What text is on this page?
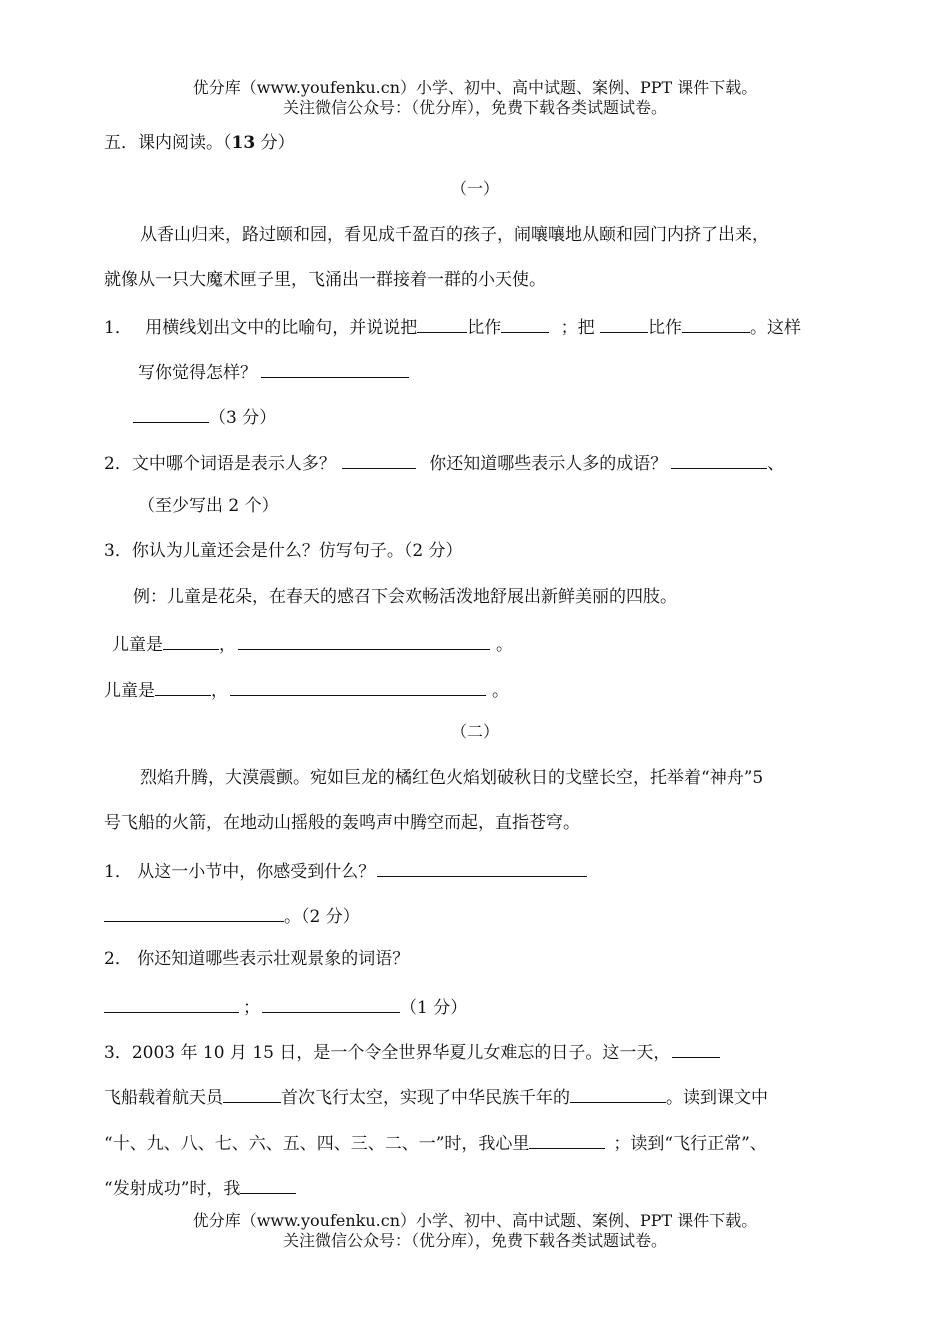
优分库（www.youfenku.cn）小学、初中、高中试题、案例、PPT 课件下载。
关注微信公众号：（优分库），免费下载各类试题试卷。
五．课内阅读。（13 分）
（一）
从香山归来，路过颐和园，看见成千盈百的孩子，闹嚷嚷地从颐和园门内挤了出来，
就像从一只大魔术匣子里，飞涌出一群接着一群的小天使。
1． 用横线划出文中的比喻句，并说说把	比作	；把	比作	。这样
写你觉得怎样？
（3 分）
2．文中哪个词语是表示人多？	你还知道哪些表示人多的成语？	、
（至少写出 2 个）
3．你认为儿童还会是什么？仿写句子。（2 分）
例：儿童是花朵，在春天的感召下会欢畅活泼地舒展出新鲜美丽的四肢。
儿童是	，	。
儿童是	，	。
（二）
烈焰升腾，大漠震颤。宛如巨龙的橘红色火焰划破秋日的戈壁长空，托举着“神舟”5
号飞船的火箭，在地动山摇般的轰鸣声中腾空而起，直指苍穹。
1． 从这一小节中，你感受到什么？
。（2 分）
2． 你还知道哪些表示壮观景象的词语？
；	（1 分）
3．2003 年 10 月 15 日，是一个令全世界华夏儿女难忘的日子。这一天，
飞船载着航天员	首次飞行太空，实现了中华民族千年的	。读到课文中
“十、九、八、七、六、五、四、三、二、一”时，我心里	；读到“飞行正常”、
“发射成功”时，我
优分库（www.youfenku.cn）小学、初中、高中试题、案例、PPT 课件下载。
关注微信公众号：（优分库），免费下载各类试题试卷。
